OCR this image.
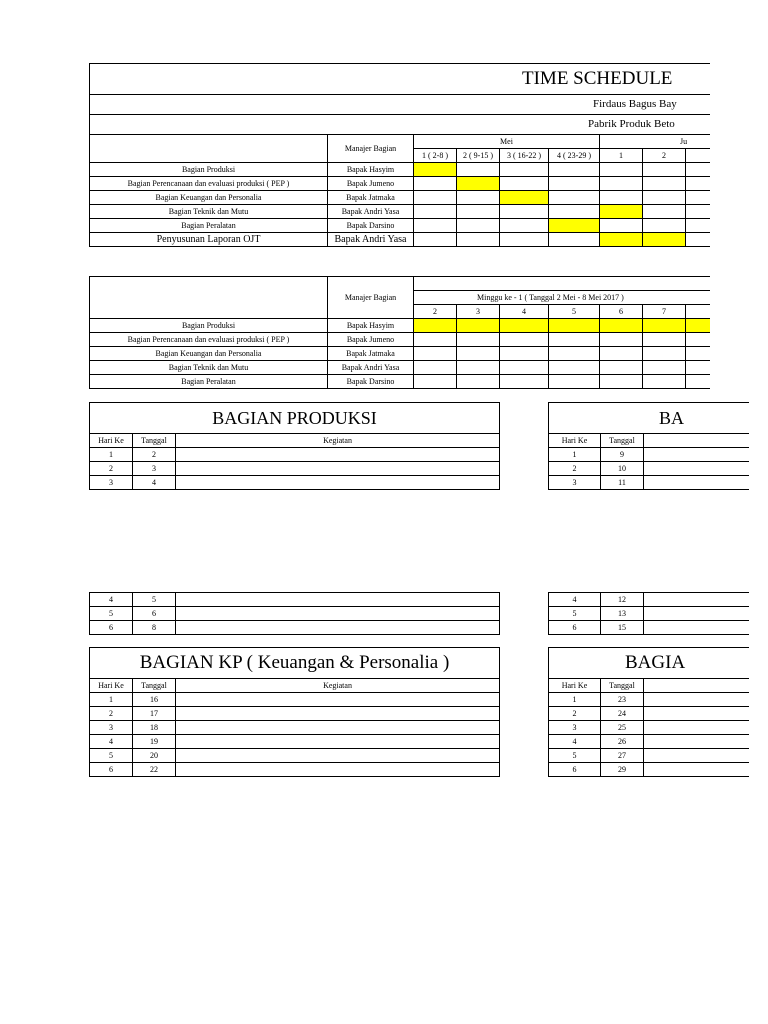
TIME SCHEDULE								
Firdaus Bagus Bay								
Pabrik Produk Beto								
	Manajer Bagian	Mei				Ju		
		1 ( 2-8 )	2 ( 9-15 )	3 ( 16-22 )	4 ( 23-29 )	1	2	
Bagian Produksi	Bapak Hasyim							
Bagian Perencanaan dan evaluasi produksi ( PEP )	Bapak Jumeno							
Bagian Keuangan dan Personalia	Bapak Jatmaka							
Bagian Teknik dan Mutu	Bapak Andri Yasa							
Bagian Peralatan	Bapak Darsino							
Penyusunan Laporan OJT	Bapak Andri Yasa							
	Manajer Bagian							
		Minggu ke - 1 ( Tanggal 2 Mei - 8 Mei 2017 )						
		2	3	4	5	6	7	
Bagian Produksi	Bapak Hasyim							
Bagian Perencanaan dan evaluasi produksi ( PEP )	Bapak Jumeno							
Bagian Keuangan dan Personalia	Bapak Jatmaka							
Bagian Teknik dan Mutu	Bapak Andri Yasa							
Bagian Peralatan	Bapak Darsino							
BAGIAN PRODUKSI		
Hari Ke	Tanggal	Kegiatan
1	2	
2	3	
3	4	
4	5	
5	6	
6	8	
BA		
Hari Ke	Tanggal	
1	9	
2	10	
3	11	
4	12	
5	13	
6	15	
BAGIAN KP ( Keuangan & Personalia )		
Hari Ke	Tanggal	Kegiatan
1	16	
2	17	
3	18	
4	19	
5	20	
6	22	
BAGIA		
Hari Ke	Tanggal	
1	23	
2	24	
3	25	
4	26	
5	27	
6	29	
